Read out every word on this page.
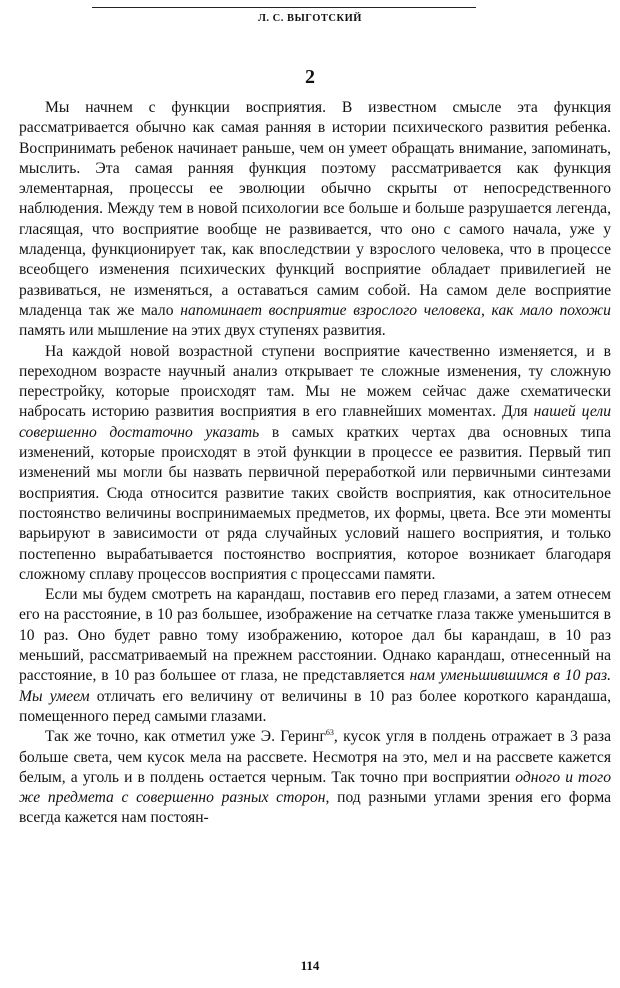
Л. С. ВЫГОТСКИЙ
2

Мы начнем с функции восприятия. В известном смысле эта функция рассматривается обычно как самая ранняя в истории психического развития ребенка. Воспринимать ребенок начинает раньше, чем он умеет обращать внимание, запоминать, мыслить. Эта самая ранняя функция поэтому рассматривается как функция элементарная, процессы ее эволюции обычно скрыты от непосредственного наблюдения. Между тем в новой психологии все больше и больше разрушается легенда, гласящая, что восприятие вообще не развивается, что оно с самого начала, уже у младенца, функционирует так, как впоследствии у взрослого человека, что в процессе всеобщего изменения психических функций восприятие обладает привилегией не развиваться, не изменяться, а оставаться самим собой. На самом деле восприятие младенца так же мало напоминает восприятие взрослого человека, как мало похожи память или мышление на этих двух ступенях развития.

На каждой новой возрастной ступени восприятие качественно изменяется, и в переходном возрасте научный анализ открывает те сложные изменения, ту сложную перестройку, которые происходят там. Мы не можем сейчас даже схематически набросать историю развития восприятия в его главнейших моментах. Для нашей цели совершенно достаточно указать в самых кратких чертах два основных типа изменений, которые происходят в этой функции в процессе ее развития. Первый тип изменений мы могли бы назвать первичной переработкой или первичными синтезами восприятия. Сюда относится развитие таких свойств восприятия, как относительное постоянство величины воспринимаемых предметов, их формы, цвета. Все эти моменты варьируют в зависимости от ряда случайных условий нашего восприятия, и только постепенно вырабатывается постоянство восприятия, которое возникает благодаря сложному сплаву процессов восприятия с процессами памяти.

Если мы будем смотреть на карандаш, поставив его перед глазами, а затем отнесем его на расстояние, в 10 раз большее, изображение на сетчатке глаза также уменьшится в 10 раз. Оно будет равно тому изображению, которое дал бы карандаш, в 10 раз меньший, рассматриваемый на прежнем расстоянии. Однако карандаш, отнесенный на расстояние, в 10 раз большее от глаза, не представляется нам уменьшившимся в 10 раз. Мы умеем отличать его величину от величины в 10 раз более короткого карандаша, помещенного перед самыми глазами.

Так же точно, как отметил уже Э. Геринг$^{63}$, кусок угля в полдень отражает в 3 раза больше света, чем кусок мела на рассвете. Несмотря на это, мел и на рассвете кажется белым, а уголь и в полдень остается черным. Так точно при восприятии одного и того же предмета с совершенно разных сторон, под разными углами зрения его форма всегда кажется нам постоян-

114
